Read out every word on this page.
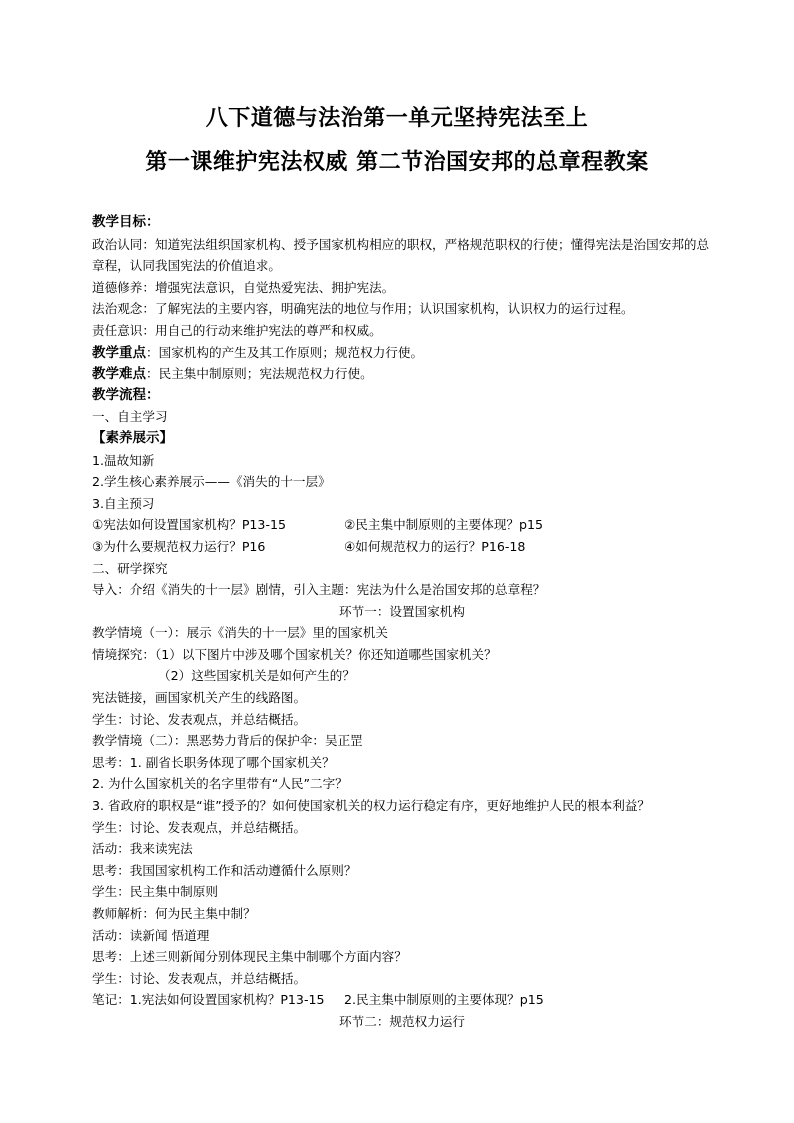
八下道德与法治第一单元坚持宪法至上
第一课维护宪法权威 第二节治国安邦的总章程教案
教学目标：
政治认同：知道宪法组织国家机构、授予国家机构相应的职权，严格规范职权的行使；懂得宪法是治国安邦的总章程，认同我国宪法的价值追求。
道德修养：增强宪法意识，自觉热爱宪法、拥护宪法。
法治观念：了解宪法的主要内容，明确宪法的地位与作用；认识国家机构，认识权力的运行过程。
责任意识：用自己的行动来维护宪法的尊严和权威。
教学重点：国家机构的产生及其工作原则；规范权力行使。
教学难点：民主集中制原则；宪法规范权力行使。
教学流程：
一、自主学习
【素养展示】
1.温故知新
2.学生核心素养展示——《消失的十一层》
3.自主预习
①宪法如何设置国家机构？P13-15	②民主集中制原则的主要体现？p15
③为什么要规范权力运行？P16	④如何规范权力的运行？P16-18
二、研学探究
导入：介绍《消失的十一层》剧情，引入主题：宪法为什么是治国安邦的总章程？
环节一：设置国家机构
教学情境（一）：展示《消失的十一层》里的国家机关
情境探究：（1）以下图片中涉及哪个国家机关？你还知道哪些国家机关？
（2）这些国家机关是如何产生的？
宪法链接，画国家机关产生的线路图。
学生：讨论、发表观点，并总结概括。
教学情境（二）：黑恶势力背后的保护伞：吴正罡
思考：1. 副省长职务体现了哪个国家机关？
2. 为什么国家机关的名字里带有“人民”二字？
3. 省政府的职权是“谁”授予的？如何使国家机关的权力运行稳定有序，更好地维护人民的根本利益？
学生：讨论、发表观点，并总结概括。
活动：我来读宪法
思考：我国国家机构工作和活动遵循什么原则？
学生：民主集中制原则
教师解析：何为民主集中制？
活动：读新闻 悟道理
思考：上述三则新闻分别体现民主集中制哪个方面内容？
学生：讨论、发表观点，并总结概括。
笔记：1.宪法如何设置国家机构？P13-15 2.民主集中制原则的主要体现？p15
环节二：规范权力运行
